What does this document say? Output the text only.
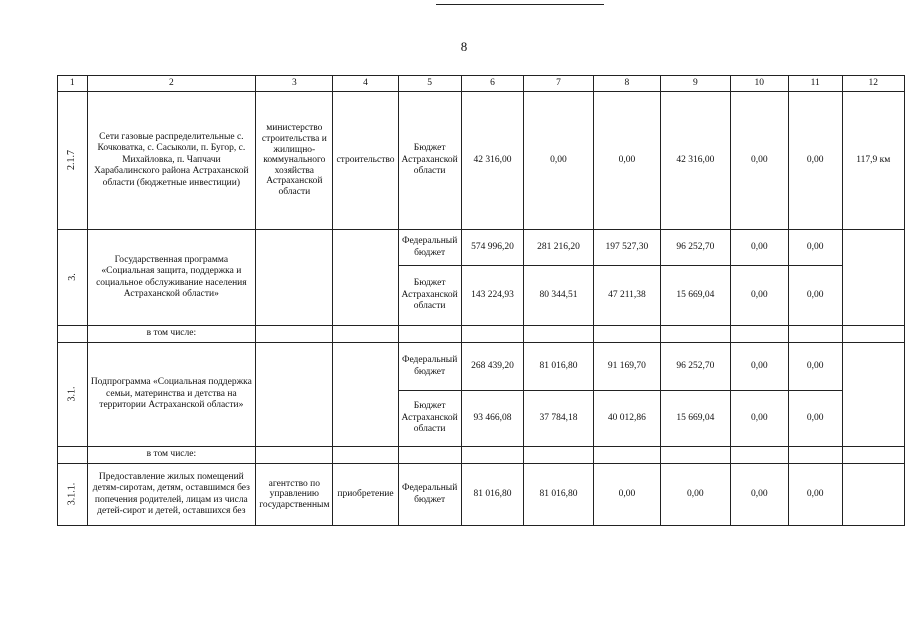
8
1	2	3	4	5	6	7	8	9	10	11	12
2.1.7	Сети газовые распределительные с. Кочковатка, с. Сасыколи, п. Бугор, с. Михайловка, п. Чапчачи Харабалинского района Астраханской области (бюджетные инвестиции)	министерство строительства и жилищно-коммунального хозяйства Астраханской области	строительство	Бюджет Астраханской области	42 316,00	0,00	0,00	42 316,00	0,00	0,00	117,9 км
3.	Государственная программа «Социальная защита, поддержка и социальное обслуживание населения Астраханской области»			Федеральный бюджет	574 996,20	281 216,20	197 527,30	96 252,70	0,00	0,00	
				Бюджет Астраханской области	143 224,93	80 344,51	47 211,38	15 669,04	0,00	0,00	
	в том числе:										
3.1.	Подпрограмма «Социальная поддержка семьи, материнства и детства на территории Астраханской области»			Федеральный бюджет	268 439,20	81 016,80	91 169,70	96 252,70	0,00	0,00	
				Бюджет Астраханской области	93 466,08	37 784,18	40 012,86	15 669,04	0,00	0,00	
	в том числе:										
3.1.1.	Предоставление жилых помещений детям-сиротам, детям, оставшимся без попечения родителей, лицам из числа детей-сирот и детей, оставшихся без	агентство по управлению государственным	приобретение	Федеральный бюджет	81 016,80	81 016,80	0,00	0,00	0,00	0,00	
